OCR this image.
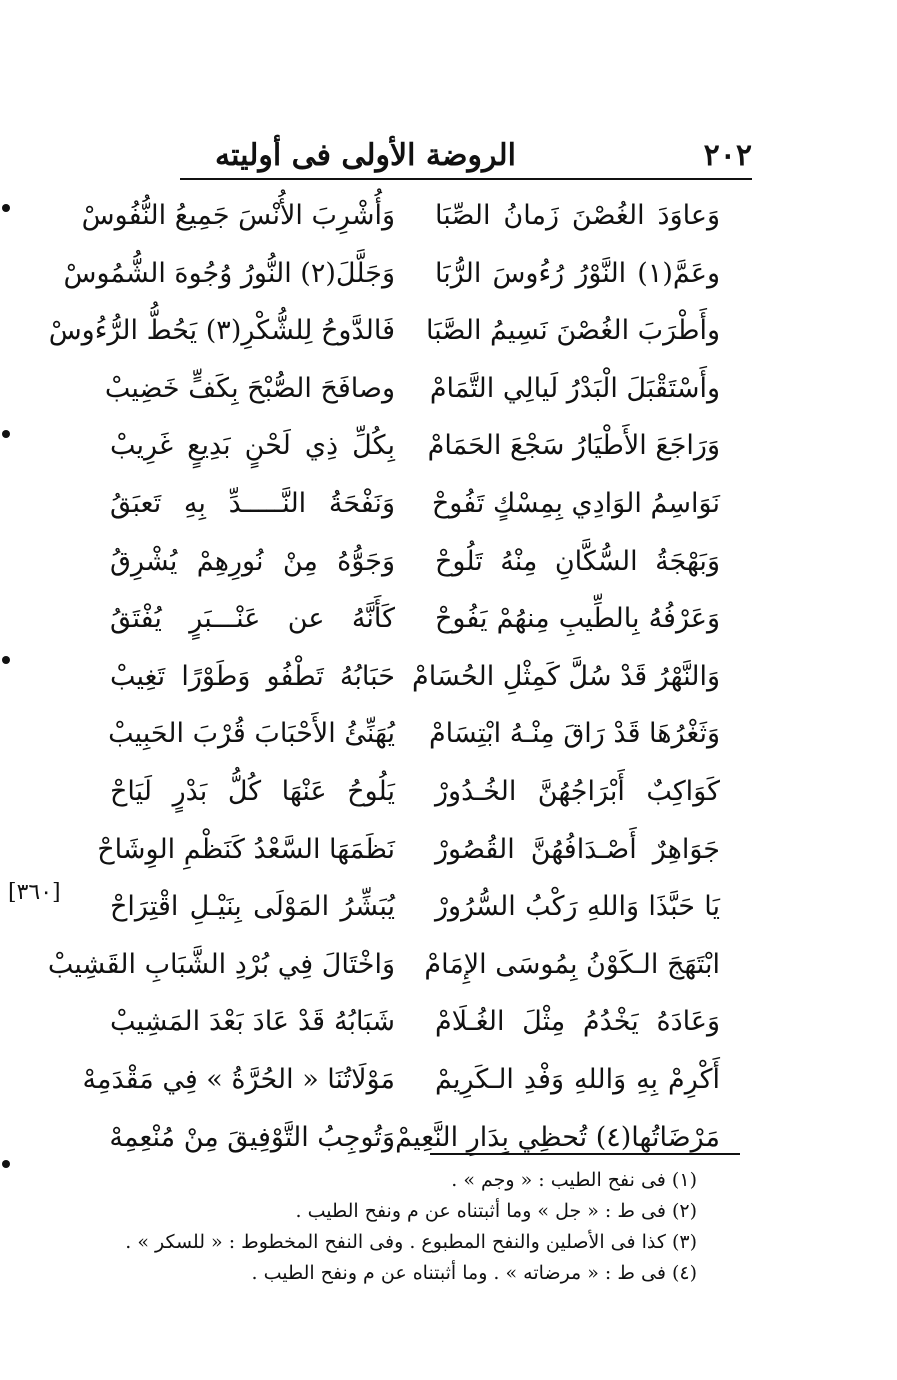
٢٠٢
الروضة الأولى فى أوليته
[٣٦٠]
وَعاوَدَ الغُصْنَ زَمانُ الصِّبَا
وَأُشْرِبَ الأُنْسَ جَمِيعُ النُّفُوسْ
وعَمَّ(١) النَّوْرُ رُءُوسَ الرُّبَا
وَجَلَّلَ(٢) النُّورُ وُجُوهَ الشُّمُوسْ
وأَطْرَبَ الغُصْنَ نَسِيمُ الصَّبَا
فَالدَّوحُ لِلشُّكْرِ(٣) يَحُطُّ الرُّءُوسْ
وأَسْتَقْبَلَ الْبَدْرُ لَيالِي التَّمَامْ
وصافَحَ الصُّبْحَ بِكَفٍّ خَضِيبْ
وَرَاجَعَ الأَطْيَارُ سَجْعَ الحَمَامْ
بِكُلِّ ذِي لَحْنٍ بَدِيعٍ غَرِيبْ
نَوَاسِمُ الوَادِي بِمِسْكٍ تَفُوحْ
وَنَفْحَةُ النَّـــــدِّ بِهِ تَعبَقُ
وَبَهْجَةُ السُّكَّانِ مِنْهُ تَلُوحْ
وَجَوُّهُ مِنْ نُورِهِمْ يُشْرِقُ
وَعَرْفُهُ بِالطِّيبِ مِنهُمْ يَفُوحْ
كَأَنَّهُ عن عَنْـــبَرٍ يُفْتَقُ
وَالنَّهْرُ قَدْ سُلَّ كَمِثْلِ الحُسَامْ
حَبَابُهُ تَطْفُو وَطَوْرًا تَغِيبْ
وَثَغْرُهَا قَدْ رَاقَ مِنْـهُ ابْتِسَامْ
يُهَنِّئُ الأَحْبَابَ قُرْبَ الحَبِيبْ
كَوَاكِبٌ أَبْرَاجُهُنَّ الخُـدُورْ
يَلُوحُ عَنْهَا كُلُّ بَدْرٍ لَيَاحْ
جَوَاهِرٌ أَصْـدَافُهُنَّ القُصُورْ
نَظَمَهَا السَّعْدُ كَنَظْمِ الوِشَاحْ
يَا حَبَّذَا وَاللهِ رَكْبُ السُّرُورْ
يُبَشِّرُ المَوْلَى بِنَيْـلِ اقْتِرَاحْ
ابْتَهَجَ الـكَوْنُ بِمُوسَى الإِمَامْ
وَاخْتَالَ فِي بُرْدِ الشَّبَابِ القَشِيبْ
وَعَادَهُ يَخْدُمُ مِثْلَ الغُـلَامْ
شَبَابُهُ قَدْ عَادَ بَعْدَ المَشِيبْ
أَكْرِمْ بِهِ وَاللهِ وَفْدِ الـكَرِيمْ
مَوْلَاتُنَا « الحُرَّةُ » فِي مَقْدَمِهْ
مَرْضَاتُها(٤) تُحظِي بِدَارِ النَّعِيمْ
وَتُوجِبُ التَّوْفِيقَ مِنْ مُنْعِمِهْ
(١) فى نفح الطيب : « وجم » .
(٢) فى ط : « جل » وما أثبتناه عن م ونفح الطيب .
(٣) كذا فى الأصلين والنفح المطبوع . وفى النفح المخطوط : « للسكر » .
(٤) فى ط : « مرضاته » . وما أثبتناه عن م ونفح الطيب .
